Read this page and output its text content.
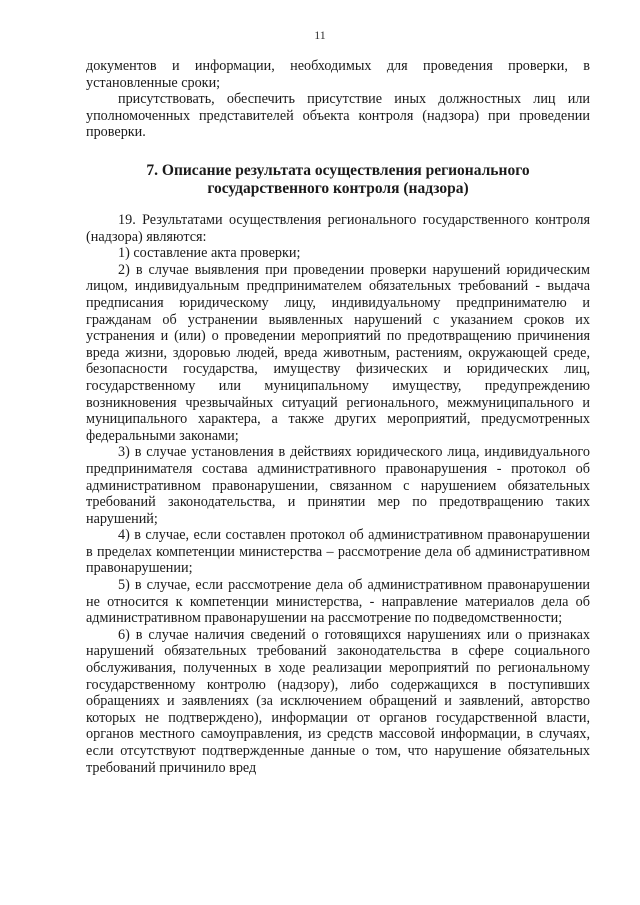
11

документов и информации, необходимых для проведения проверки, в установленные сроки;

присутствовать, обеспечить присутствие иных должностных лиц или уполномоченных представителей объекта контроля (надзора) при проведении проверки.

7. Описание результата осуществления регионального государственного контроля (надзора)

19. Результатами осуществления регионального государственного контроля (надзора) являются:

1) составление акта проверки;

2) в случае выявления при проведении проверки нарушений юридическим лицом, индивидуальным предпринимателем обязательных требований - выдача предписания юридическому лицу, индивидуальному предпринимателю и гражданам об устранении выявленных нарушений с указанием сроков их устранения и (или) о проведении мероприятий по предотвращению причинения вреда жизни, здоровью людей, вреда животным, растениям, окружающей среде, безопасности государства, имуществу физических и юридических лиц, государственному или муниципальному имуществу, предупреждению возникновения чрезвычайных ситуаций регионального, межмуниципального и муниципального характера, а также других мероприятий, предусмотренных федеральными законами;

3) в случае установления в действиях юридического лица, индивидуального предпринимателя состава административного правонарушения - протокол об административном правонарушении, связанном с нарушением обязательных требований законодательства, и принятии мер по предотвращению таких нарушений;

4) в случае, если составлен протокол об административном правонарушении в пределах компетенции министерства – рассмотрение дела об административном правонарушении;

5) в случае, если рассмотрение дела об административном правонарушении не относится к компетенции министерства, - направление материалов дела об административном правонарушении на рассмотрение по подведомственности;

6) в случае наличия сведений о готовящихся нарушениях или о признаках нарушений обязательных требований законодательства в сфере социального обслуживания, полученных в ходе реализации мероприятий по региональному государственному контролю (надзору), либо содержащихся в поступивших обращениях и заявлениях (за исключением обращений и заявлений, авторство которых не подтверждено), информации от органов государственной власти, органов местного самоуправления, из средств массовой информации, в случаях, если отсутствуют подтвержденные данные о том, что нарушение обязательных требований причинило вред
